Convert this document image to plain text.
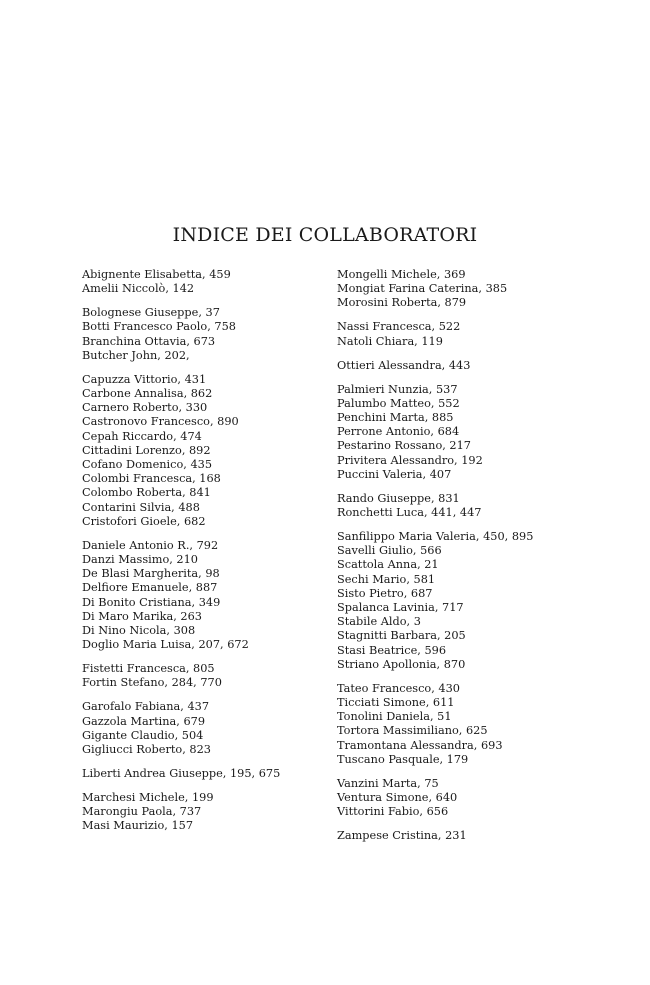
INDICE DEI COLLABORATORI
Abignente Elisabetta, 459
Amelii Niccolò, 142
Bolognese Giuseppe, 37
Botti Francesco Paolo, 758
Branchina Ottavia, 673
Butcher John, 202,
Capuzza Vittorio, 431
Carbone Annalisa, 862
Carnero Roberto, 330
Castronovo Francesco, 890
Cepah Riccardo, 474
Cittadini Lorenzo, 892
Cofano Domenico, 435
Colombi Francesca, 168
Colombo Roberta, 841
Contarini Silvia, 488
Cristofori Gioele, 682
Daniele Antonio R., 792
Danzi Massimo, 210
De Blasi Margherita, 98
Delfiore Emanuele, 887
Di Bonito Cristiana, 349
Di Maro Marika, 263
Di Nino Nicola, 308
Doglio Maria Luisa, 207, 672
Fistetti Francesca, 805
Fortin Stefano, 284, 770
Garofalo Fabiana, 437
Gazzola Martina, 679
Gigante Claudio, 504
Gigliucci Roberto, 823
Liberti Andrea Giuseppe, 195, 675
Marchesi Michele, 199
Marongiu Paola, 737
Masi Maurizio, 157
Mongelli Michele, 369
Mongiat Farina Caterina, 385
Morosini Roberta, 879
Nassi Francesca, 522
Natoli Chiara, 119
Ottieri Alessandra, 443
Palmieri Nunzia, 537
Palumbo Matteo, 552
Penchini Marta, 885
Perrone Antonio, 684
Pestarino Rossano, 217
Privitera Alessandro, 192
Puccini Valeria, 407
Rando Giuseppe, 831
Ronchetti Luca, 441, 447
Sanfilippo Maria Valeria, 450, 895
Savelli Giulio, 566
Scattola Anna, 21
Sechi Mario, 581
Sisto Pietro, 687
Spalanca Lavinia, 717
Stabile Aldo, 3
Stagnitti Barbara, 205
Stasi Beatrice, 596
Striano Apollonia, 870
Tateo Francesco, 430
Ticciati Simone, 611
Tonolini Daniela, 51
Tortora Massimiliano, 625
Tramontana Alessandra, 693
Tuscano Pasquale, 179
Vanzini Marta, 75
Ventura Simone, 640
Vittorini Fabio, 656
Zampese Cristina, 231
